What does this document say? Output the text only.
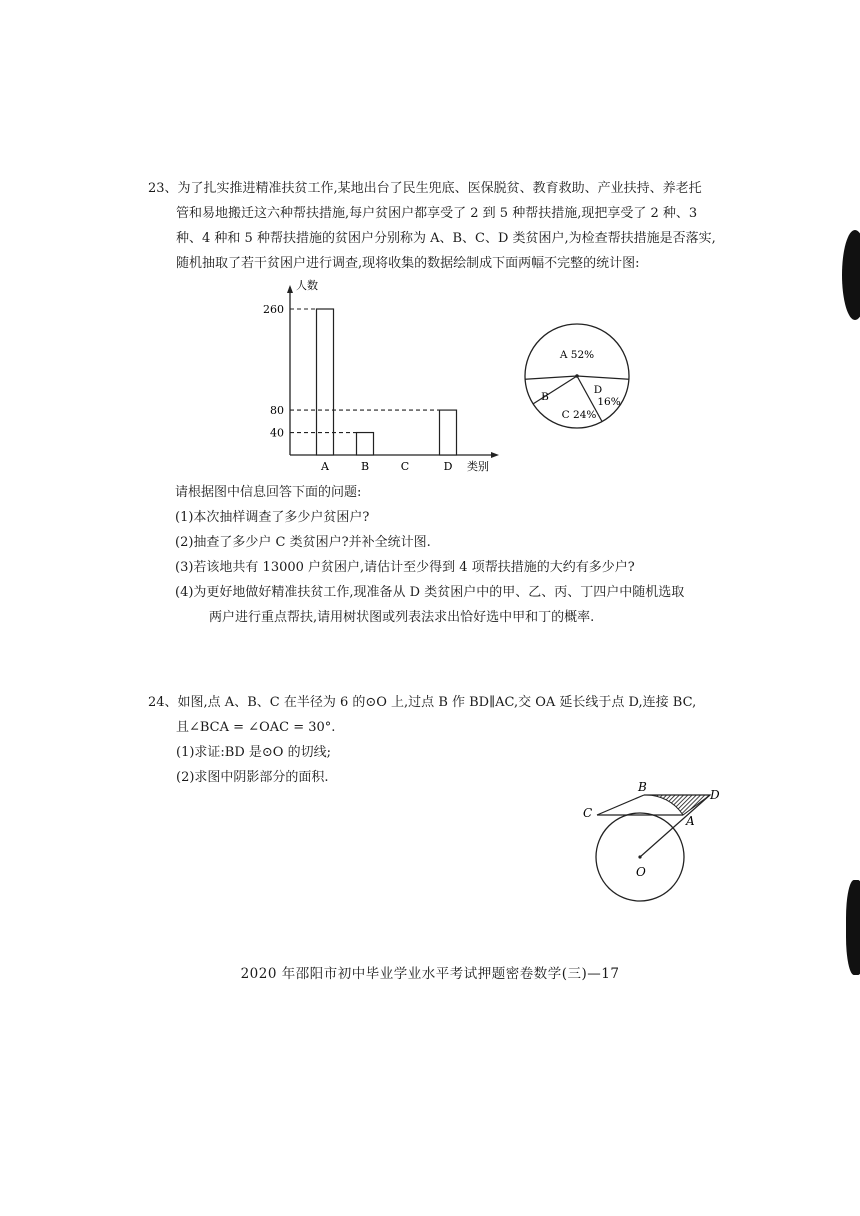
23、为了扎实推进精准扶贫工作,某地出台了民生兜底、医保脱贫、教育救助、产业扶持、养老托
管和易地搬迁这六种帮扶措施,每户贫困户都享受了 2 到 5 种帮扶措施,现把享受了 2 种、3
种、4 种和 5 种帮扶措施的贫困户分别称为 A、B、C、D 类贫困户,为检查帮扶措施是否落实,
随机抽取了若干贫困户进行调查,现将收集的数据绘制成下面两幅不完整的统计图:
人数
类别
A	B	C	D
40
80
260
A 52%
B
C 24%
D
16%
请根据图中信息回答下面的问题:
(1)本次抽样调查了多少户贫困户?
(2)抽查了多少户 C 类贫困户?并补全统计图.
(3)若该地共有 13000 户贫困户,请估计至少得到 4 项帮扶措施的大约有多少户?
(4)为更好地做好精准扶贫工作,现准备从 D 类贫困户中的甲、乙、丙、丁四户中随机选取
两户进行重点帮扶,请用树状图或列表法求出恰好选中甲和丁的概率.
24、如图,点 A、B、C 在半径为 6 的⊙O 上,过点 B 作 BD∥AC,交 OA 延长线于点 D,连接 BC,
且∠BCA = ∠OAC = 30°.
(1)求证:BD 是⊙O 的切线;
(2)求图中阴影部分的面积.
B
D
C
A
O
2020 年邵阳市初中毕业学业水平考试押题密卷数学(三)—17
